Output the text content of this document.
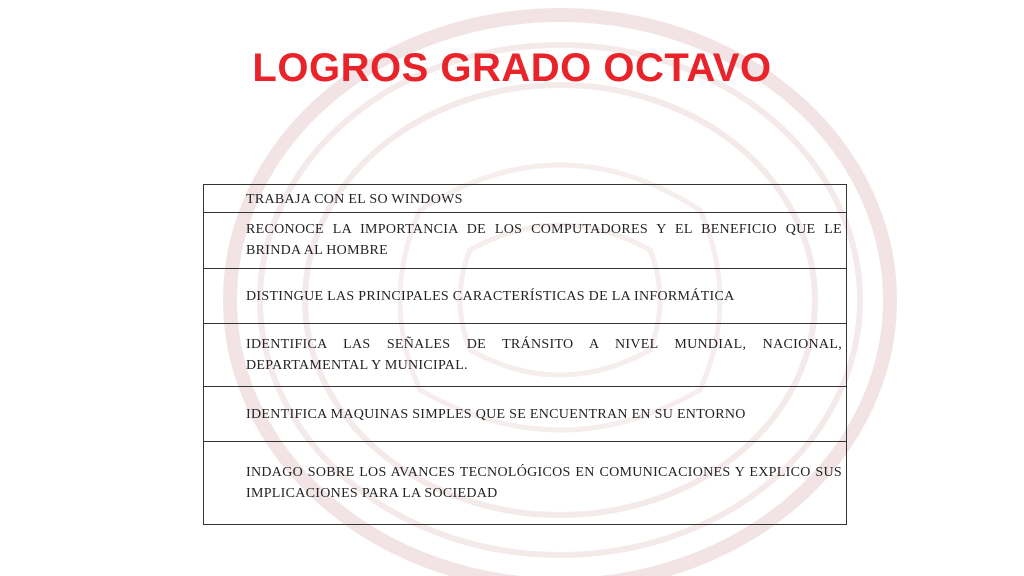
LOGROS GRADO OCTAVO
TRABAJA CON EL SO WINDOWS
RECONOCE LA IMPORTANCIA DE LOS COMPUTADORES Y EL BENEFICIO QUE LE BRINDA AL HOMBRE
DISTINGUE LAS PRINCIPALES CARACTERÍSTICAS DE LA INFORMÁTICA
IDENTIFICA LAS SEÑALES DE TRÁNSITO A NIVEL MUNDIAL, NACIONAL, DEPARTAMENTAL Y MUNICIPAL.
IDENTIFICA MAQUINAS SIMPLES QUE SE ENCUENTRAN EN SU ENTORNO
INDAGO SOBRE LOS AVANCES TECNOLÓGICOS EN COMUNICACIONES Y EXPLICO SUS IMPLICACIONES PARA LA SOCIEDAD
